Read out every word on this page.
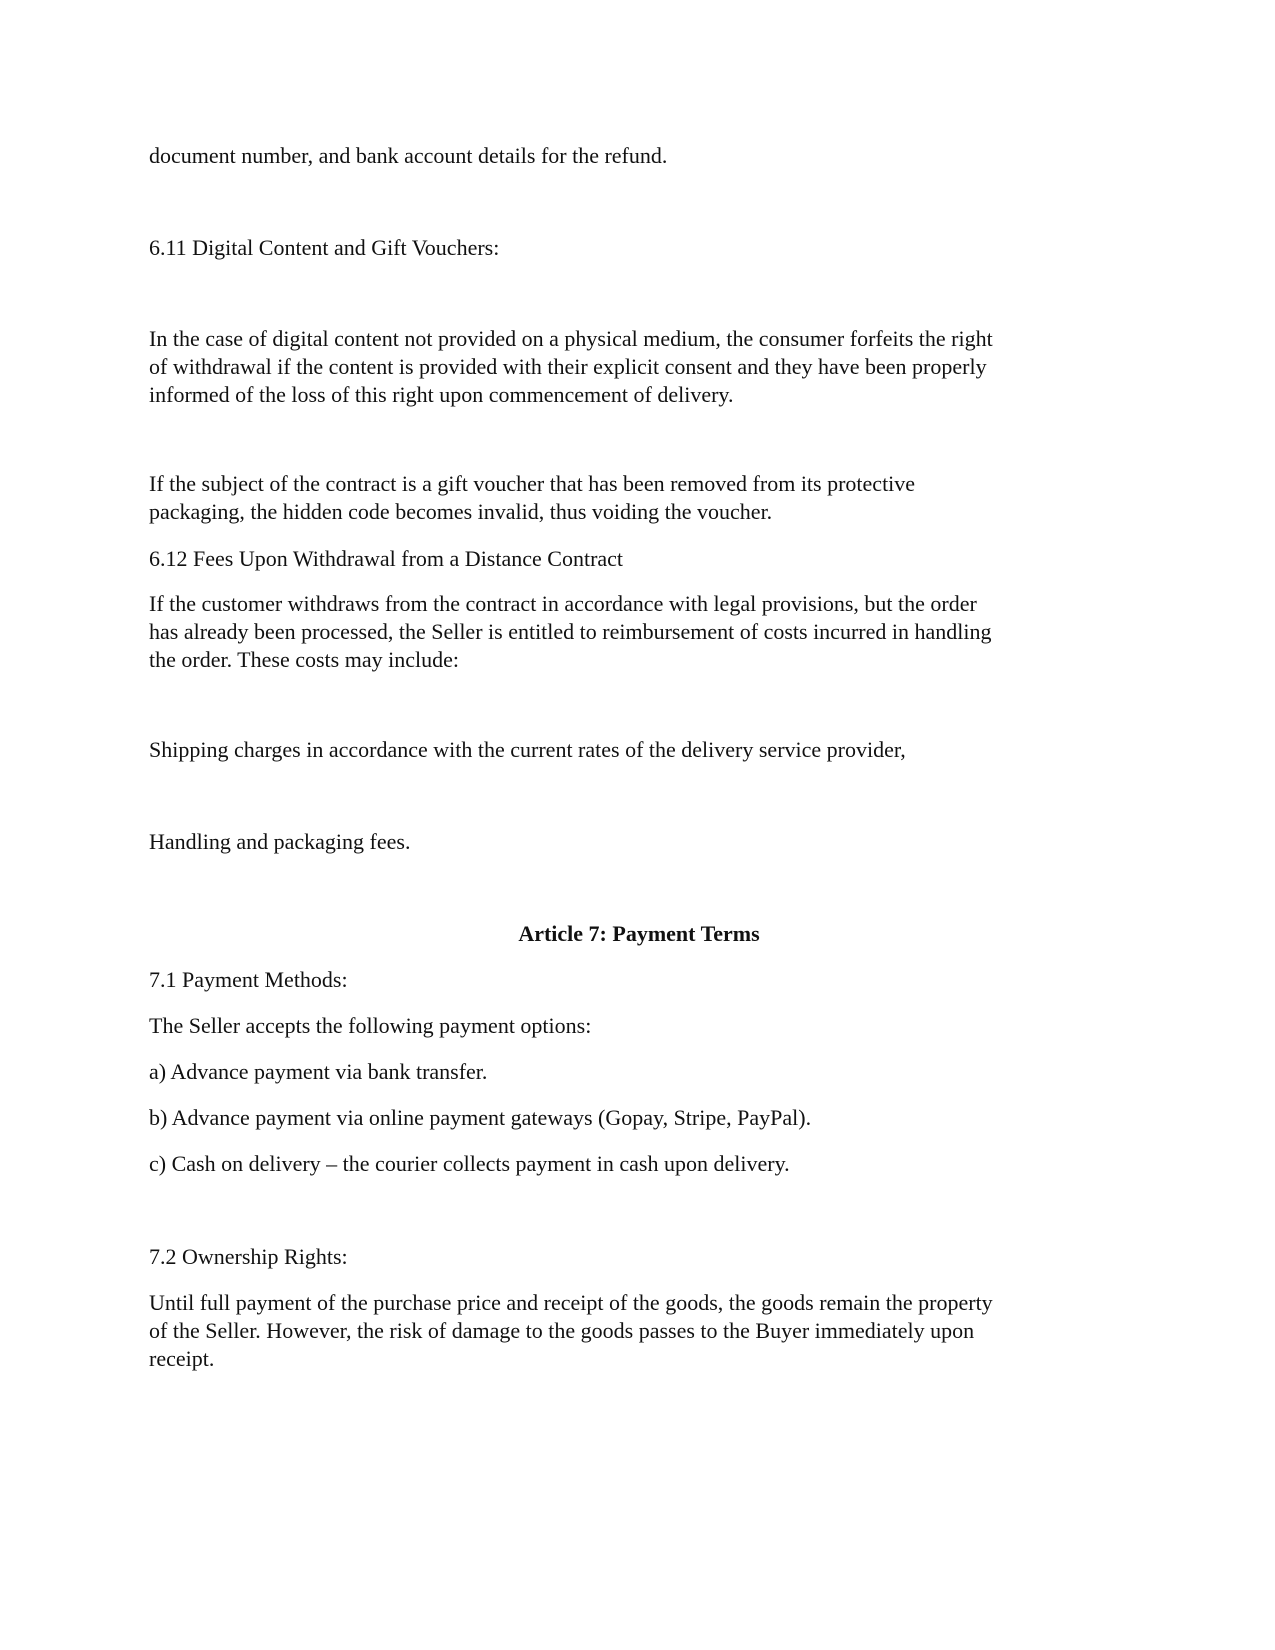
document number, and bank account details for the refund.
6.11 Digital Content and Gift Vouchers:
In the case of digital content not provided on a physical medium, the consumer forfeits the right
of withdrawal if the content is provided with their explicit consent and they have been properly
informed of the loss of this right upon commencement of delivery.
If the subject of the contract is a gift voucher that has been removed from its protective
packaging, the hidden code becomes invalid, thus voiding the voucher.
6.12 Fees Upon Withdrawal from a Distance Contract
If the customer withdraws from the contract in accordance with legal provisions, but the order
has already been processed, the Seller is entitled to reimbursement of costs incurred in handling
the order. These costs may include:
Shipping charges in accordance with the current rates of the delivery service provider,
Handling and packaging fees.
Article 7: Payment Terms
7.1 Payment Methods:
The Seller accepts the following payment options:
a) Advance payment via bank transfer.
b) Advance payment via online payment gateways (Gopay, Stripe, PayPal).
c) Cash on delivery – the courier collects payment in cash upon delivery.
7.2 Ownership Rights:
Until full payment of the purchase price and receipt of the goods, the goods remain the property
of the Seller. However, the risk of damage to the goods passes to the Buyer immediately upon
receipt.
